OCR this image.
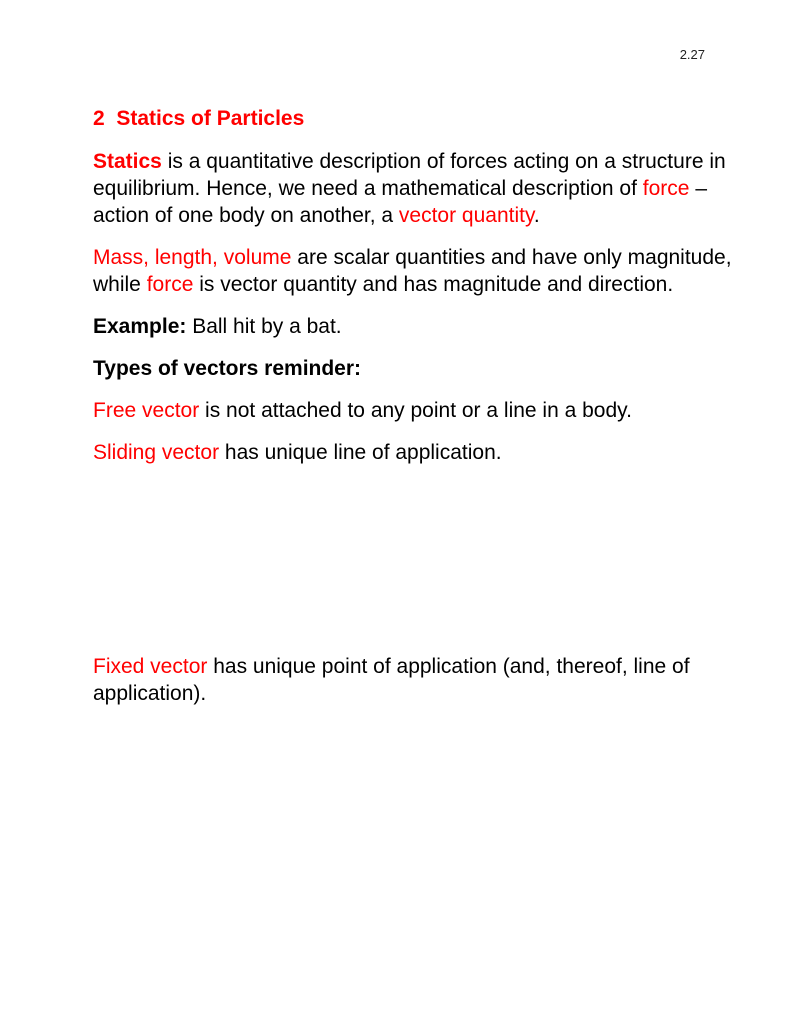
2.27
2 Statics of Particles

Statics is a quantitative description of forces acting on a structure in equilibrium. Hence, we need a mathematical description of force – action of one body on another, a vector quantity.

Mass, length, volume are scalar quantities and have only magnitude, while force is vector quantity and has magnitude and direction.

Example: Ball hit by a bat.

Types of vectors reminder:

Free vector is not attached to any point or a line in a body.

Sliding vector has unique line of application.

Fixed vector has unique point of application (and, thereof, line of application).
